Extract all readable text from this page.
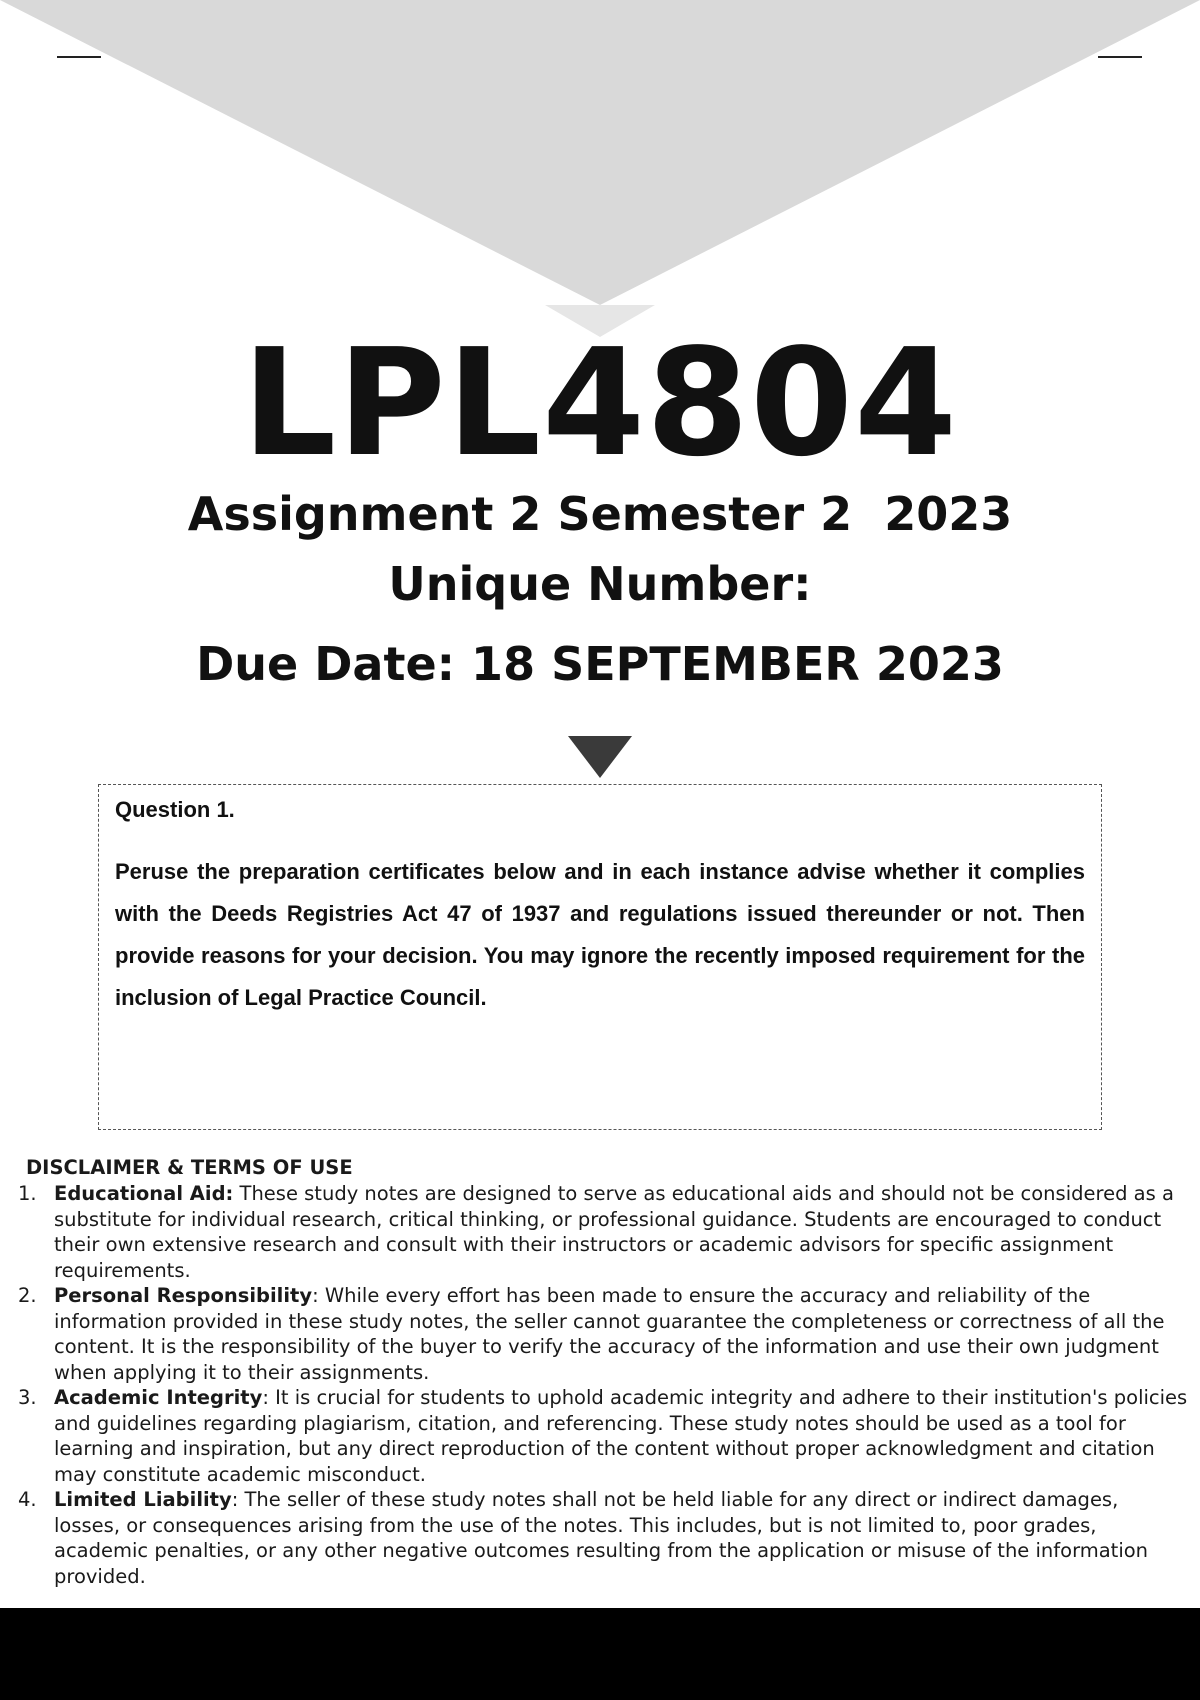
LPL4804
Assignment 2 Semester 2  2023
Unique Number:
Due Date: 18 SEPTEMBER 2023

Question 1.

Peruse the preparation certificates below and in each instance advise whether it complies with the Deeds Registries Act 47 of 1937 and regulations issued thereunder or not. Then provide reasons for your decision. You may ignore the recently imposed requirement for the inclusion of Legal Practice Council.

DISCLAIMER & TERMS OF USE

1. Educational Aid: These study notes are designed to serve as educational aids and should not be considered as a substitute for individual research, critical thinking, or professional guidance. Students are encouraged to conduct their own extensive research and consult with their instructors or academic advisors for specific assignment requirements.
2. Personal Responsibility: While every effort has been made to ensure the accuracy and reliability of the information provided in these study notes, the seller cannot guarantee the completeness or correctness of all the content. It is the responsibility of the buyer to verify the accuracy of the information and use their own judgment when applying it to their assignments.
3. Academic Integrity: It is crucial for students to uphold academic integrity and adhere to their institution's policies and guidelines regarding plagiarism, citation, and referencing. These study notes should be used as a tool for learning and inspiration, but any direct reproduction of the content without proper acknowledgment and citation may constitute academic misconduct.
4. Limited Liability: The seller of these study notes shall not be held liable for any direct or indirect damages, losses, or consequences arising from the use of the notes. This includes, but is not limited to, poor grades, academic penalties, or any other negative outcomes resulting from the application or misuse of the information provided.
